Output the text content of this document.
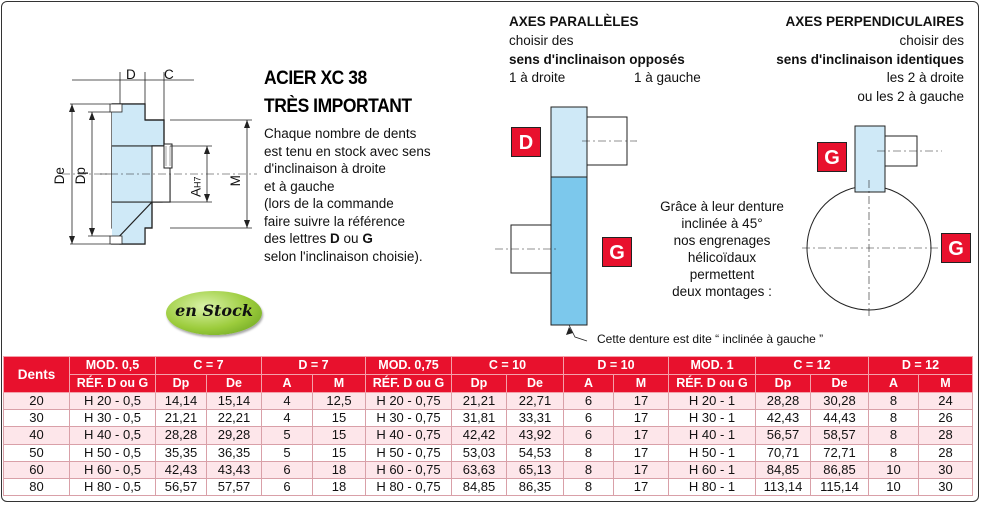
D C
De Dp
AH7	M
ACIER XC 38
TRÈS IMPORTANT
Chaque nombre de dents
est tenu en stock avec sens
d'inclinaison à droite
et à gauche
(lors de la commande
faire suivre la référence
des lettres D ou G
selon l'inclinaison choisie).
en Stock
AXES PARALLÈLES
choisir des
sens d'inclinaison opposés
1 à droite	1 à gauche
D
G
Cette denture est dite “ inclinée à gauche ”
Grâce à leur denture
inclinée à 45°
nos engrenages
hélicoïdaux
permettent
deux montages :
AXES PERPENDICULAIRES
choisir des
sens d'inclinaison identiques
les 2 à droite
ou les 2 à gauche
G
G
Dents	MOD. 0,5	C = 7		D = 7		MOD. 0,75	C = 10		D = 10		MOD. 1	C = 12		D = 12	
	RÉF. D ou G	Dp	De	A	M	RÉF. D ou G	Dp	De	A	M	RÉF. D ou G	Dp	De	A	M
20	H 20 - 0,5	14,14	15,14	4	12,5	H 20 - 0,75	21,21	22,71	6	17	H 20 - 1	28,28	30,28	8	24
30	H 30 - 0,5	21,21	22,21	4	15	H 30 - 0,75	31,81	33,31	6	17	H 30 - 1	42,43	44,43	8	26
40	H 40 - 0,5	28,28	29,28	5	15	H 40 - 0,75	42,42	43,92	6	17	H 40 - 1	56,57	58,57	8	28
50	H 50 - 0,5	35,35	36,35	5	15	H 50 - 0,75	53,03	54,53	8	17	H 50 - 1	70,71	72,71	8	28
60	H 60 - 0,5	42,43	43,43	6	18	H 60 - 0,75	63,63	65,13	8	17	H 60 - 1	84,85	86,85	10	30
80	H 80 - 0,5	56,57	57,57	6	18	H 80 - 0,75	84,85	86,35	8	17	H 80 - 1	113,14	115,14	10	30
